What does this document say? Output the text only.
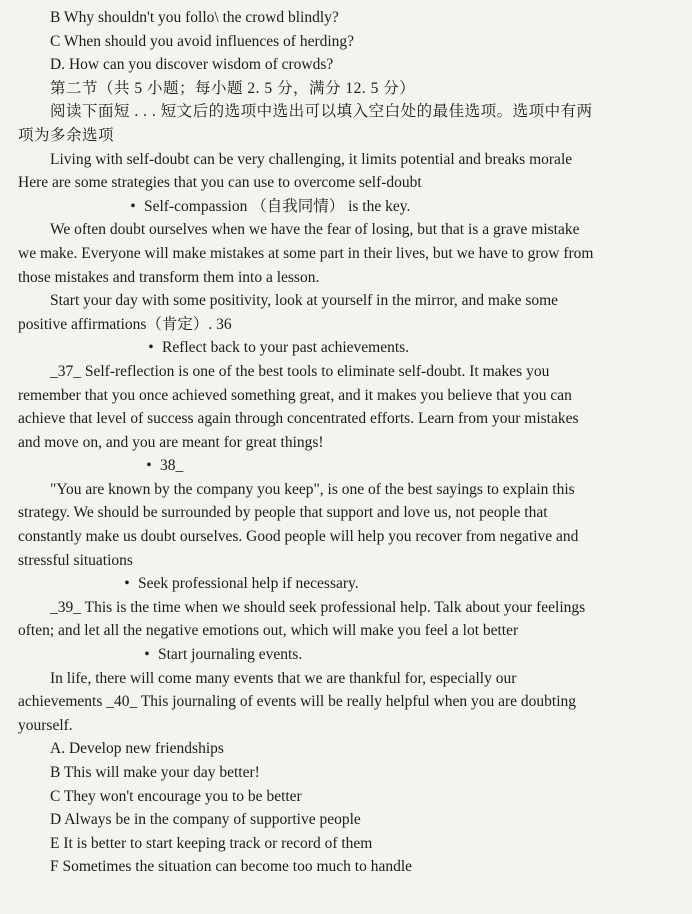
B Why shouldn't you follo\ the crowd blindly?
C When should you avoid influences of herding?
D. How can you discover wisdom of crowds?
第二节（共 5 小题；每小题 2. 5 分，满分 12. 5 分）
阅读下面短 . . . 短文后的选项中选出可以填入空白处的最佳选项。选项中有两
项为多余选项
Living with self-doubt can be very challenging, it limits potential and breaks morale
Here are some strategies that you can use to overcome self-doubt
• Self-compassion （自我同情） is the key.
We often doubt ourselves when we have the fear of losing, but that is a grave mistake
we make. Everyone will make mistakes at some part in their lives, but we have to grow from
those mistakes and transform them into a lesson.
Start your day with some positivity, look at yourself in the mirror, and make some
positive affirmations（肯定）. 36
• Reflect back to your past achievements.
_37_ Self-reflection is one of the best tools to eliminate self-doubt. It makes you
remember that you once achieved something great, and it makes you believe that you can
achieve that level of success again through concentrated efforts. Learn from your mistakes
and move on, and you are meant for great things!
• 38_
"You are known by the company you keep", is one of the best sayings to explain this
strategy. We should be surrounded by people that support and love us, not people that
constantly make us doubt ourselves. Good people will help you recover from negative and
stressful situations
• Seek professional help if necessary.
_39_ This is the time when we should seek professional help. Talk about your feelings
often; and let all the negative emotions out, which will make you feel a lot better
• Start journaling events.
In life, there will come many events that we are thankful for, especially our
achievements _40_ This journaling of events will be really helpful when you are doubting
yourself.
A. Develop new friendships
B This will make your day better!
C They won't encourage you to be better
D Always be in the company of supportive people
E It is better to start keeping track or record of them
F Sometimes the situation can become too much to handle
